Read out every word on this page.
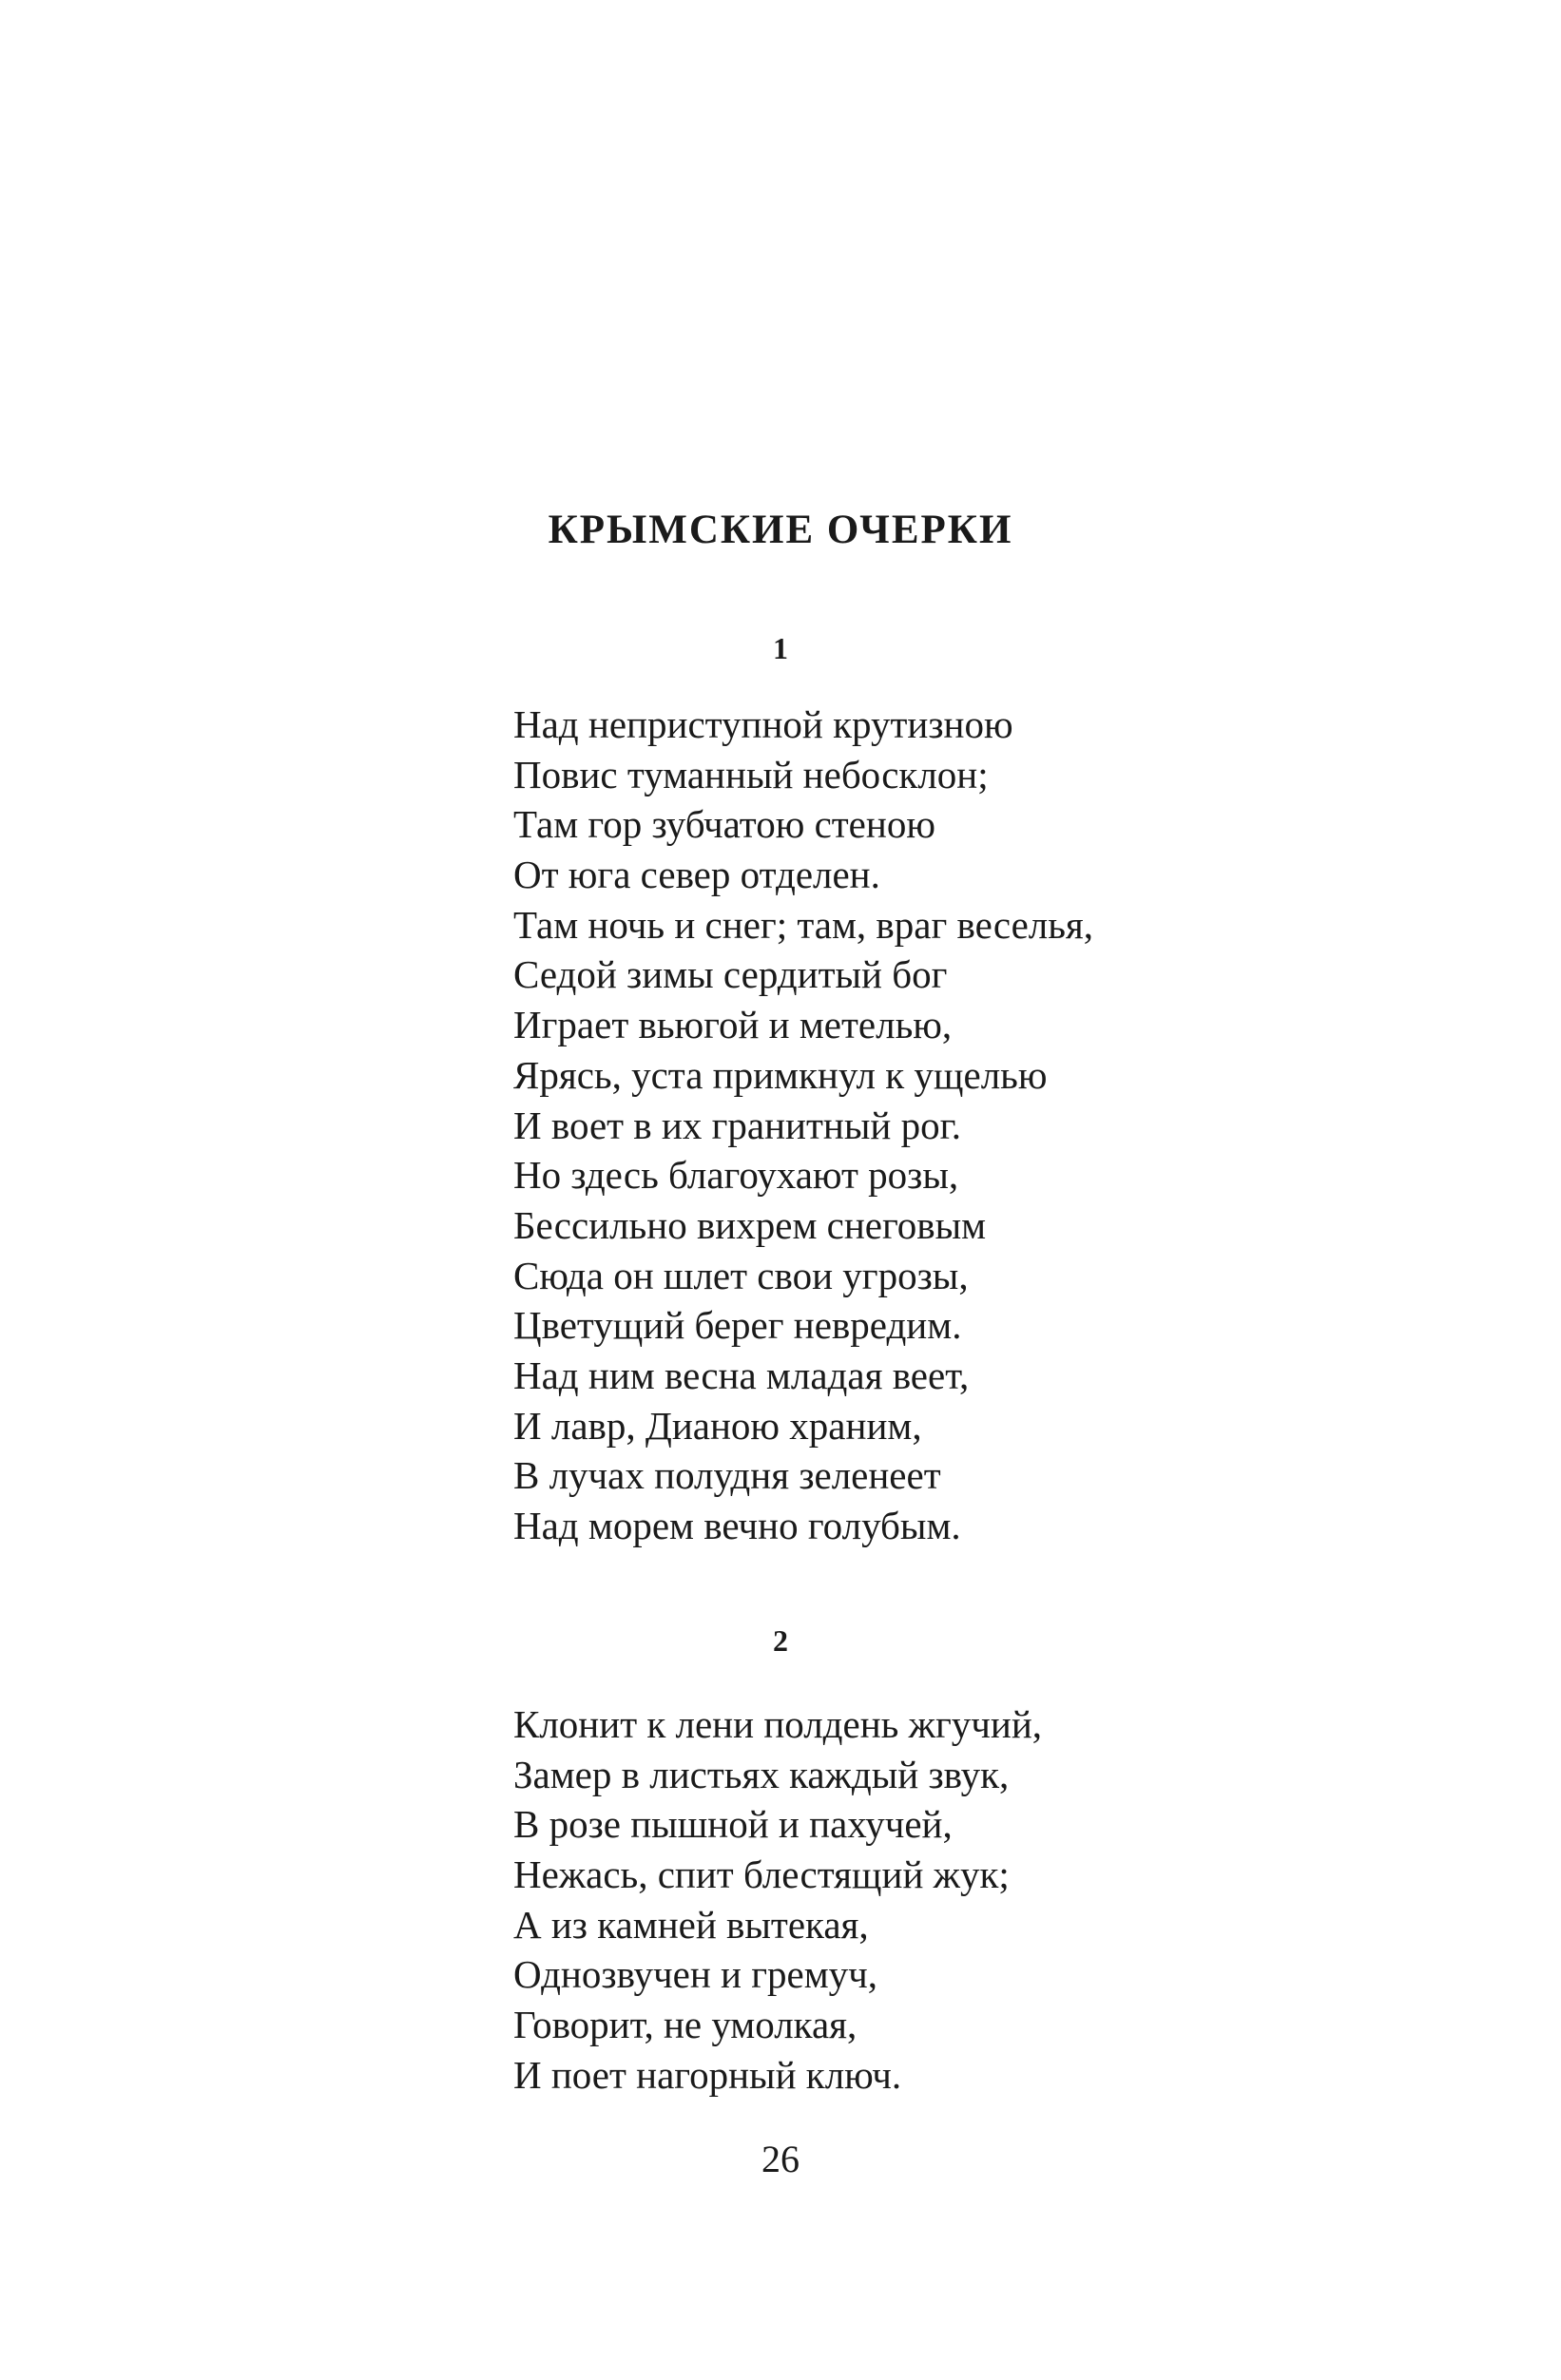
КРЫМСКИЕ ОЧЕРКИ
1
Над неприступной крутизною
Повис туманный небосклон;
Там гор зубчатою стеною
От юга север отделен.
Там ночь и снег; там, враг веселья,
Седой зимы сердитый бог
Играет вьюгой и метелью,
Ярясь, уста примкнул к ущелью
И воет в их гранитный рог.
Но здесь благоухают розы,
Бессильно вихрем снеговым
Сюда он шлет свои угрозы,
Цветущий берег невредим.
Над ним весна младая веет,
И лавр, Дианою храним,
В лучах полудня зеленеет
Над морем вечно голубым.
2
Клонит к лени полдень жгучий,
Замер в листьях каждый звук,
В розе пышной и пахучей,
Нежась, спит блестящий жук;
А из камней вытекая,
Однозвучен и гремуч,
Говорит, не умолкая,
И поет нагорный ключ.
26
